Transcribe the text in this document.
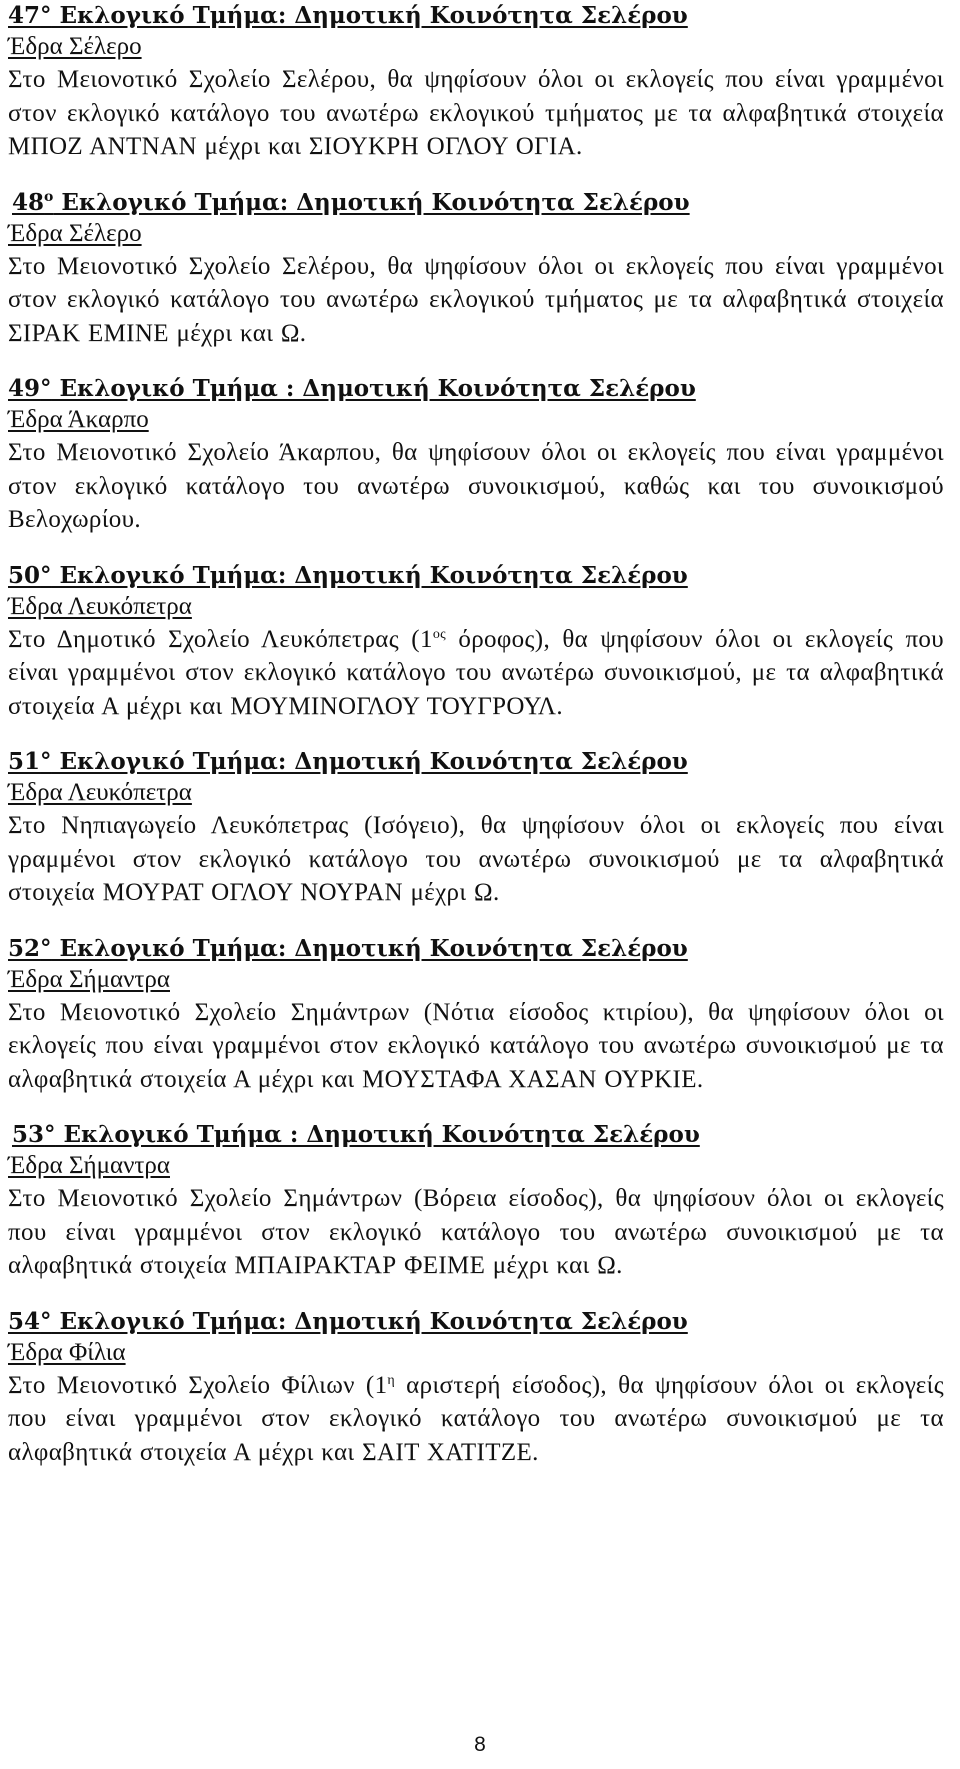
47° Εκλογικό Τμήμα: Δημοτική Κοινότητα Σελέρου

Έδρα Σέλερο

Στο Μειονοτικό Σχολείο Σελέρου, θα ψηφίσουν όλοι οι εκλογείς που είναι γραμμένοι στον εκλογικό κατάλογο του ανωτέρω εκλογικού τμήματος με τα αλφαβητικά στοιχεία ΜΠΟΖ ΑΝΤΝΑΝ μέχρι και ΣΙΟΥΚΡΗ ΟΓΛΟΥ ΟΓΙΑ.

$48^o$ Εκλογικό Τμήμα: Δημοτική Κοινότητα Σελέρου

Έδρα Σέλερο

Στο Μειονοτικό Σχολείο Σελέρου, θα ψηφίσουν όλοι οι εκλογείς που είναι γραμμένοι στον εκλογικό κατάλογο του ανωτέρω εκλογικού τμήματος με τα αλφαβητικά στοιχεία ΣΙΡΑΚ ΕΜΙΝΕ μέχρι και Ω.

49° Εκλογικό Τμήμα : Δημοτική Κοινότητα Σελέρου

Έδρα Άκαρπο

Στο Μειονοτικό Σχολείο Άκαρπου, θα ψηφίσουν όλοι οι εκλογείς που είναι γραμμένοι στον εκλογικό κατάλογο του ανωτέρω συνοικισμού, καθώς και του συνοικισμού Βελοχωρίου.

50° Εκλογικό Τμήμα: Δημοτική Κοινότητα Σελέρου

Έδρα Λευκόπετρα

Στο Δημοτικό Σχολείο Λευκόπετρας ($1^{o\varsigma}$ όροφος), θα ψηφίσουν όλοι οι εκλογείς που είναι γραμμένοι στον εκλογικό κατάλογο του ανωτέρω συνοικισμού, με τα αλφαβητικά στοιχεία Α μέχρι και ΜΟΥΜΙΝΟΓΛΟΥ ΤΟΥΓΡΟΥΛ.

51° Εκλογικό Τμήμα: Δημοτική Κοινότητα Σελέρου

Έδρα Λευκόπετρα

Στο Νηπιαγωγείο Λευκόπετρας (Ισόγειο), θα ψηφίσουν όλοι οι εκλογείς που είναι γραμμένοι στον εκλογικό κατάλογο του ανωτέρω συνοικισμού με τα αλφαβητικά στοιχεία ΜΟΥΡΑΤ ΟΓΛΟΥ ΝΟΥΡΑΝ μέχρι Ω.

52° Εκλογικό Τμήμα: Δημοτική Κοινότητα Σελέρου

Έδρα Σήμαντρα

Στο Μειονοτικό Σχολείο Σημάντρων (Νότια είσοδος κτιρίου), θα ψηφίσουν όλοι οι εκλογείς που είναι γραμμένοι στον εκλογικό κατάλογο του ανωτέρω συνοικισμού με τα αλφαβητικά στοιχεία Α μέχρι και ΜΟΥΣΤΑΦΑ ΧΑΣΑΝ ΟΥΡΚΙΕ.

53° Εκλογικό Τμήμα : Δημοτική Κοινότητα Σελέρου

Έδρα Σήμαντρα

Στο Μειονοτικό Σχολείο Σημάντρων (Βόρεια είσοδος), θα ψηφίσουν όλοι οι εκλογείς που είναι γραμμένοι στον εκλογικό κατάλογο του ανωτέρω συνοικισμού με τα αλφαβητικά στοιχεία ΜΠΑΙΡΑΚΤΑΡ ΦΕΙΜΕ μέχρι και Ω.

54° Εκλογικό Τμήμα: Δημοτική Κοινότητα Σελέρου

Έδρα Φίλια

Στο Μειονοτικό Σχολείο Φίλιων ($1^\eta$ αριστερή είσοδος), θα ψηφίσουν όλοι οι εκλογείς που είναι γραμμένοι στον εκλογικό κατάλογο του ανωτέρω συνοικισμού με τα αλφαβητικά στοιχεία Α μέχρι και ΣΑΙΤ ΧΑΤΙΤΖΕ.

8
